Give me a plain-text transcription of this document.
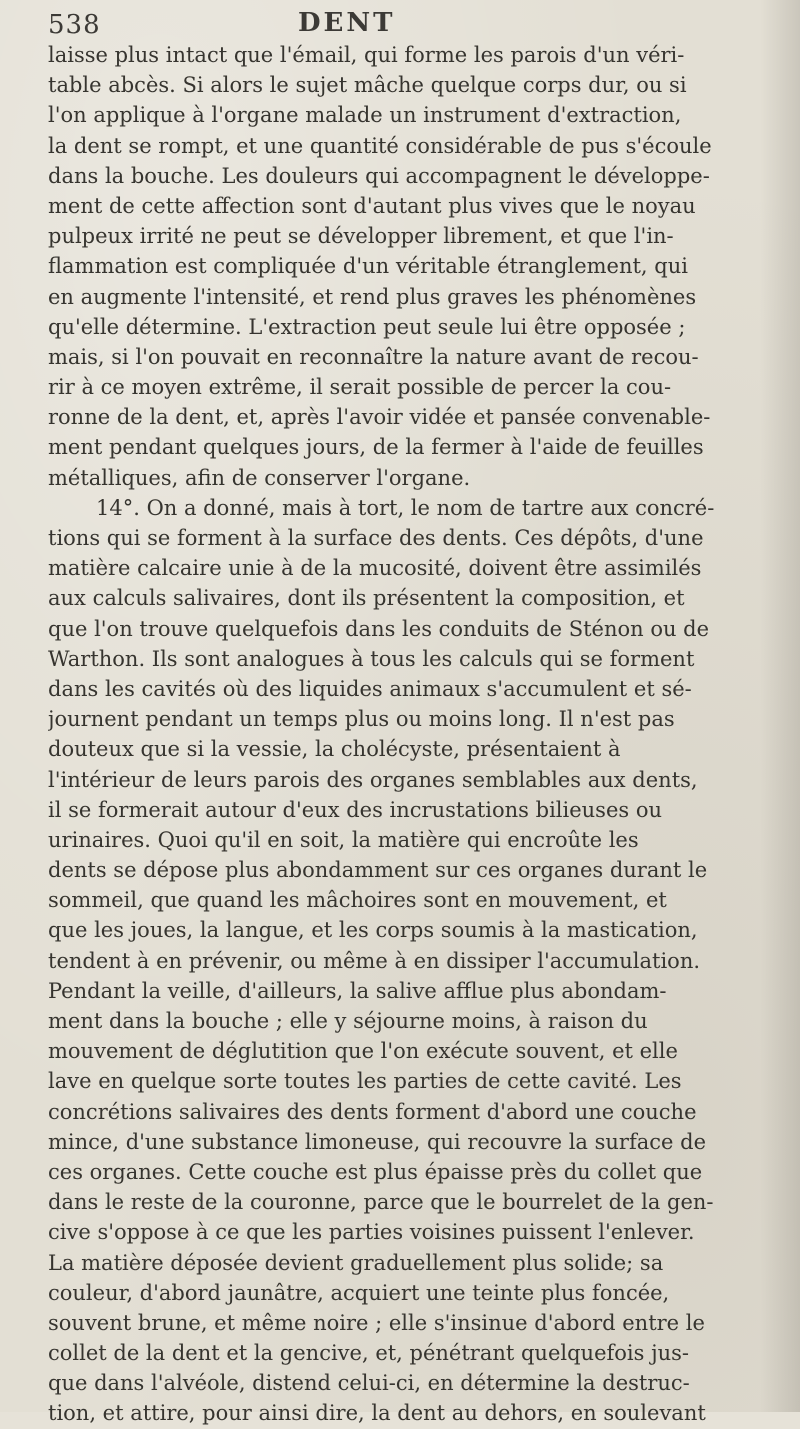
538	DENT
laisse plus intact que l'émail, qui forme les parois d'un véri-
table abcès. Si alors le sujet mâche quelque corps dur, ou si
l'on applique à l'organe malade un instrument d'extraction,
la dent se rompt, et une quantité considérable de pus s'écoule
dans la bouche. Les douleurs qui accompagnent le développe-
ment de cette affection sont d'autant plus vives que le noyau
pulpeux irrité ne peut se développer librement, et que l'in-
flammation est compliquée d'un véritable étranglement, qui
en augmente l'intensité, et rend plus graves les phénomènes
qu'elle détermine. L'extraction peut seule lui être opposée ;
mais, si l'on pouvait en reconnaître la nature avant de recou-
rir à ce moyen extrême, il serait possible de percer la cou-
ronne de la dent, et, après l'avoir vidée et pansée convenable-
ment pendant quelques jours, de la fermer à l'aide de feuilles
métalliques, afin de conserver l'organe.
14°. On a donné, mais à tort, le nom de tartre aux concré-
tions qui se forment à la surface des dents. Ces dépôts, d'une
matière calcaire unie à de la mucosité, doivent être assimilés
aux calculs salivaires, dont ils présentent la composition, et
que l'on trouve quelquefois dans les conduits de Sténon ou de
Warthon. Ils sont analogues à tous les calculs qui se forment
dans les cavités où des liquides animaux s'accumulent et sé-
journent pendant un temps plus ou moins long. Il n'est pas
douteux que si la vessie, la cholécyste, présentaient à
l'intérieur de leurs parois des organes semblables aux dents,
il se formerait autour d'eux des incrustations bilieuses ou
urinaires. Quoi qu'il en soit, la matière qui encroûte les
dents se dépose plus abondamment sur ces organes durant le
sommeil, que quand les mâchoires sont en mouvement, et
que les joues, la langue, et les corps soumis à la mastication,
tendent à en prévenir, ou même à en dissiper l'accumulation.
Pendant la veille, d'ailleurs, la salive afflue plus abondam-
ment dans la bouche ; elle y séjourne moins, à raison du
mouvement de déglutition que l'on exécute souvent, et elle
lave en quelque sorte toutes les parties de cette cavité. Les
concrétions salivaires des dents forment d'abord une couche
mince, d'une substance limoneuse, qui recouvre la surface de
ces organes. Cette couche est plus épaisse près du collet que
dans le reste de la couronne, parce que le bourrelet de la gen-
cive s'oppose à ce que les parties voisines puissent l'enlever.
La matière déposée devient graduellement plus solide; sa
couleur, d'abord jaunâtre, acquiert une teinte plus foncée,
souvent brune, et même noire ; elle s'insinue d'abord entre le
collet de la dent et la gencive, et, pénétrant quelquefois jus-
que dans l'alvéole, distend celui-ci, en détermine la destruc-
tion, et attire, pour ainsi dire, la dent au dehors, en soulevant
